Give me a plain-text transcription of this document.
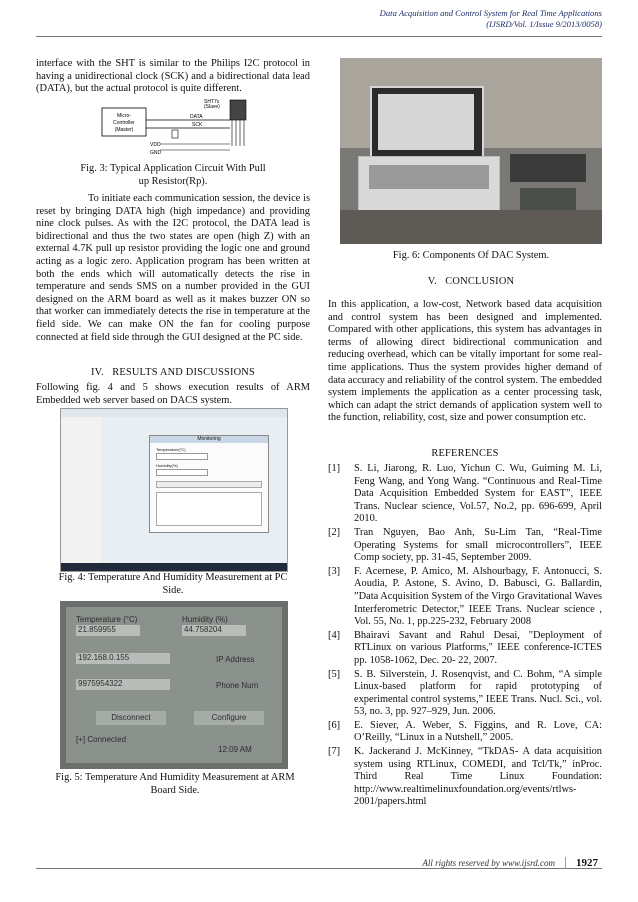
Data Acquisition and Control System for Real Time Applications
(IJSRD/Vol. 1/Issue 9/2013/0058)
interface with the SHT is similar to the Philips I2C protocol in having a unidirectional clock (SCK) and a bidirectional data lead (DATA), but the actual protocol is quite different.
Micro-
Controller
(Master)
DATA
SCK
SHT7x
(Slave)
VDD
GND
Fig. 3: Typical Application Circuit With Pull up Resistor(Rp).
To initiate each communication session, the device is reset by bringing DATA high (high impedance) and providing nine clock pulses. As with the I2C protocol, the DATA lead is bidirectional and thus the two states are open (high Z) with an external 4.7K pull up resistor providing the logic one and ground acting as a logic zero. Application program has been written at both the ends which will automatically detects the rise in temperature and sends SMS on a number provided in the GUI designed on the ARM board as well as it makes buzzer ON so that worker can immediately detects the rise in temperature at the field side. We can make ON the fan for cooling purpose connected at field side through the GUI designed at the PC side.
IV.   RESULTS AND DISCUSSIONS
Following fig. 4 and 5 shows execution results of ARM Embedded web server based on DACS system.
Monitoring
Temperature(°C)
Humidity(%)
Fig. 4: Temperature And Humidity Measurement at PC Side.
Temperature (°C)
21.859955
Humidity (%)
44.758204
192.168.0.155	IP Address
9975954322	Phone Num
Disconnect	Configure
[+] Connected
12:09 AM
Fig. 5: Temperature And Humidity Measurement at ARM Board Side.
Fig. 6: Components Of DAC System.
V.   CONCLUSION
In this application, a low-cost, Network based data acquisition and control system has been designed and implemented. Compared with other applications, this system has advantages in terms of allowing direct bidirectional communication and reducing overhead, which can be vitally important for some real-time applications. Thus the system provides higher demand of data accuracy and reliability of the control system. The embedded system implements the application as a center processing task, which can adapt the strict demands of application system well to the function, reliability, cost, size and power consumption etc.
REFERENCES
[1] S. Li, Jiarong, R. Luo, Yichun C. Wu, Guiming M. Li, Feng Wang, and Yong Wang. “Continuous and Real-Time Data Acquisition Embedded System for EAST”, IEEE Trans. Nuclear science, Vol.57, No.2, pp. 696-699, April 2010.
[2] Tran Nguyen, Bao Anh, Su-Lim Tan, “Real-Time Operating Systems for small microcontrollers”, IEEE Comp society, pp. 31-45, September 2009.
[3] F. Acernese, P. Amico, M. Alshourbagy, F. Antonucci, S. Aoudia, P. Astone, S. Avino, D. Babusci, G. Ballardin, ”Data Acquisition System of the Virgo Gravitational Waves Interferometric Detector,” IEEE Trans. Nuclear science , Vol. 55, No. 1, pp.225-232, February 2008
[4] Bhairavi Savant and Rahul Desai, "Deployment of RTLinux on various Platforms," IEEE conference-ICTES pp. 1058-1062, Dec. 20- 22, 2007.
[5] S. B. Silverstein, J. Rosenqvist, and C. Bohm, “A simple Linux-based platform for rapid prototyping of experimental control systems,” IEEE Trans. Nucl. Sci., vol. 53, no. 3, pp. 927–929, Jun. 2006.
[6] E. Siever, A. Weber, S. Figgins, and R. Love, CA: O’Reilly, “Linux in a Nutshell,” 2005.
[7] K. Jackerand J. McKinney, “TkDAS- A data acquisition system using RTLinux, COMEDI, and Tcl/Tk,” inProc. Third Real Time Linux Foundation: http://www.realtimelinuxfoundation.org/events/rtlws-2001/papers.html
All rights reserved by www.ijsrd.com	1927
